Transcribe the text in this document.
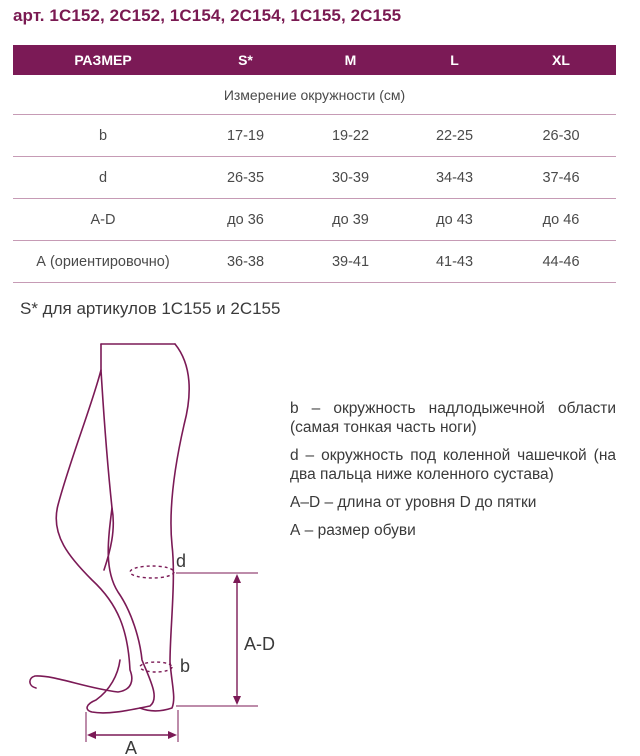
арт. 1С152, 2С152, 1С154, 2С154, 1С155, 2С155
РАЗМЕР	S*	M	L	XL
Измерение окружности (см)
b	17-19	19-22	22-25	26-30
d	26-35	30-39	34-43	37-46
A-D	до 36	до 39	до 43	до 46
А (ориентировочно)	36-38	39-41	41-43	44-46
S* для артикулов 1С155 и 2С155
d
b
A-D
A

b – окружность надлодыжечной области (самая тонкая часть ноги)

d – окружность под коленной чашечкой (на два пальца ниже коленного сустава)

A–D – длина от уровня D до пятки

А – размер обуви
